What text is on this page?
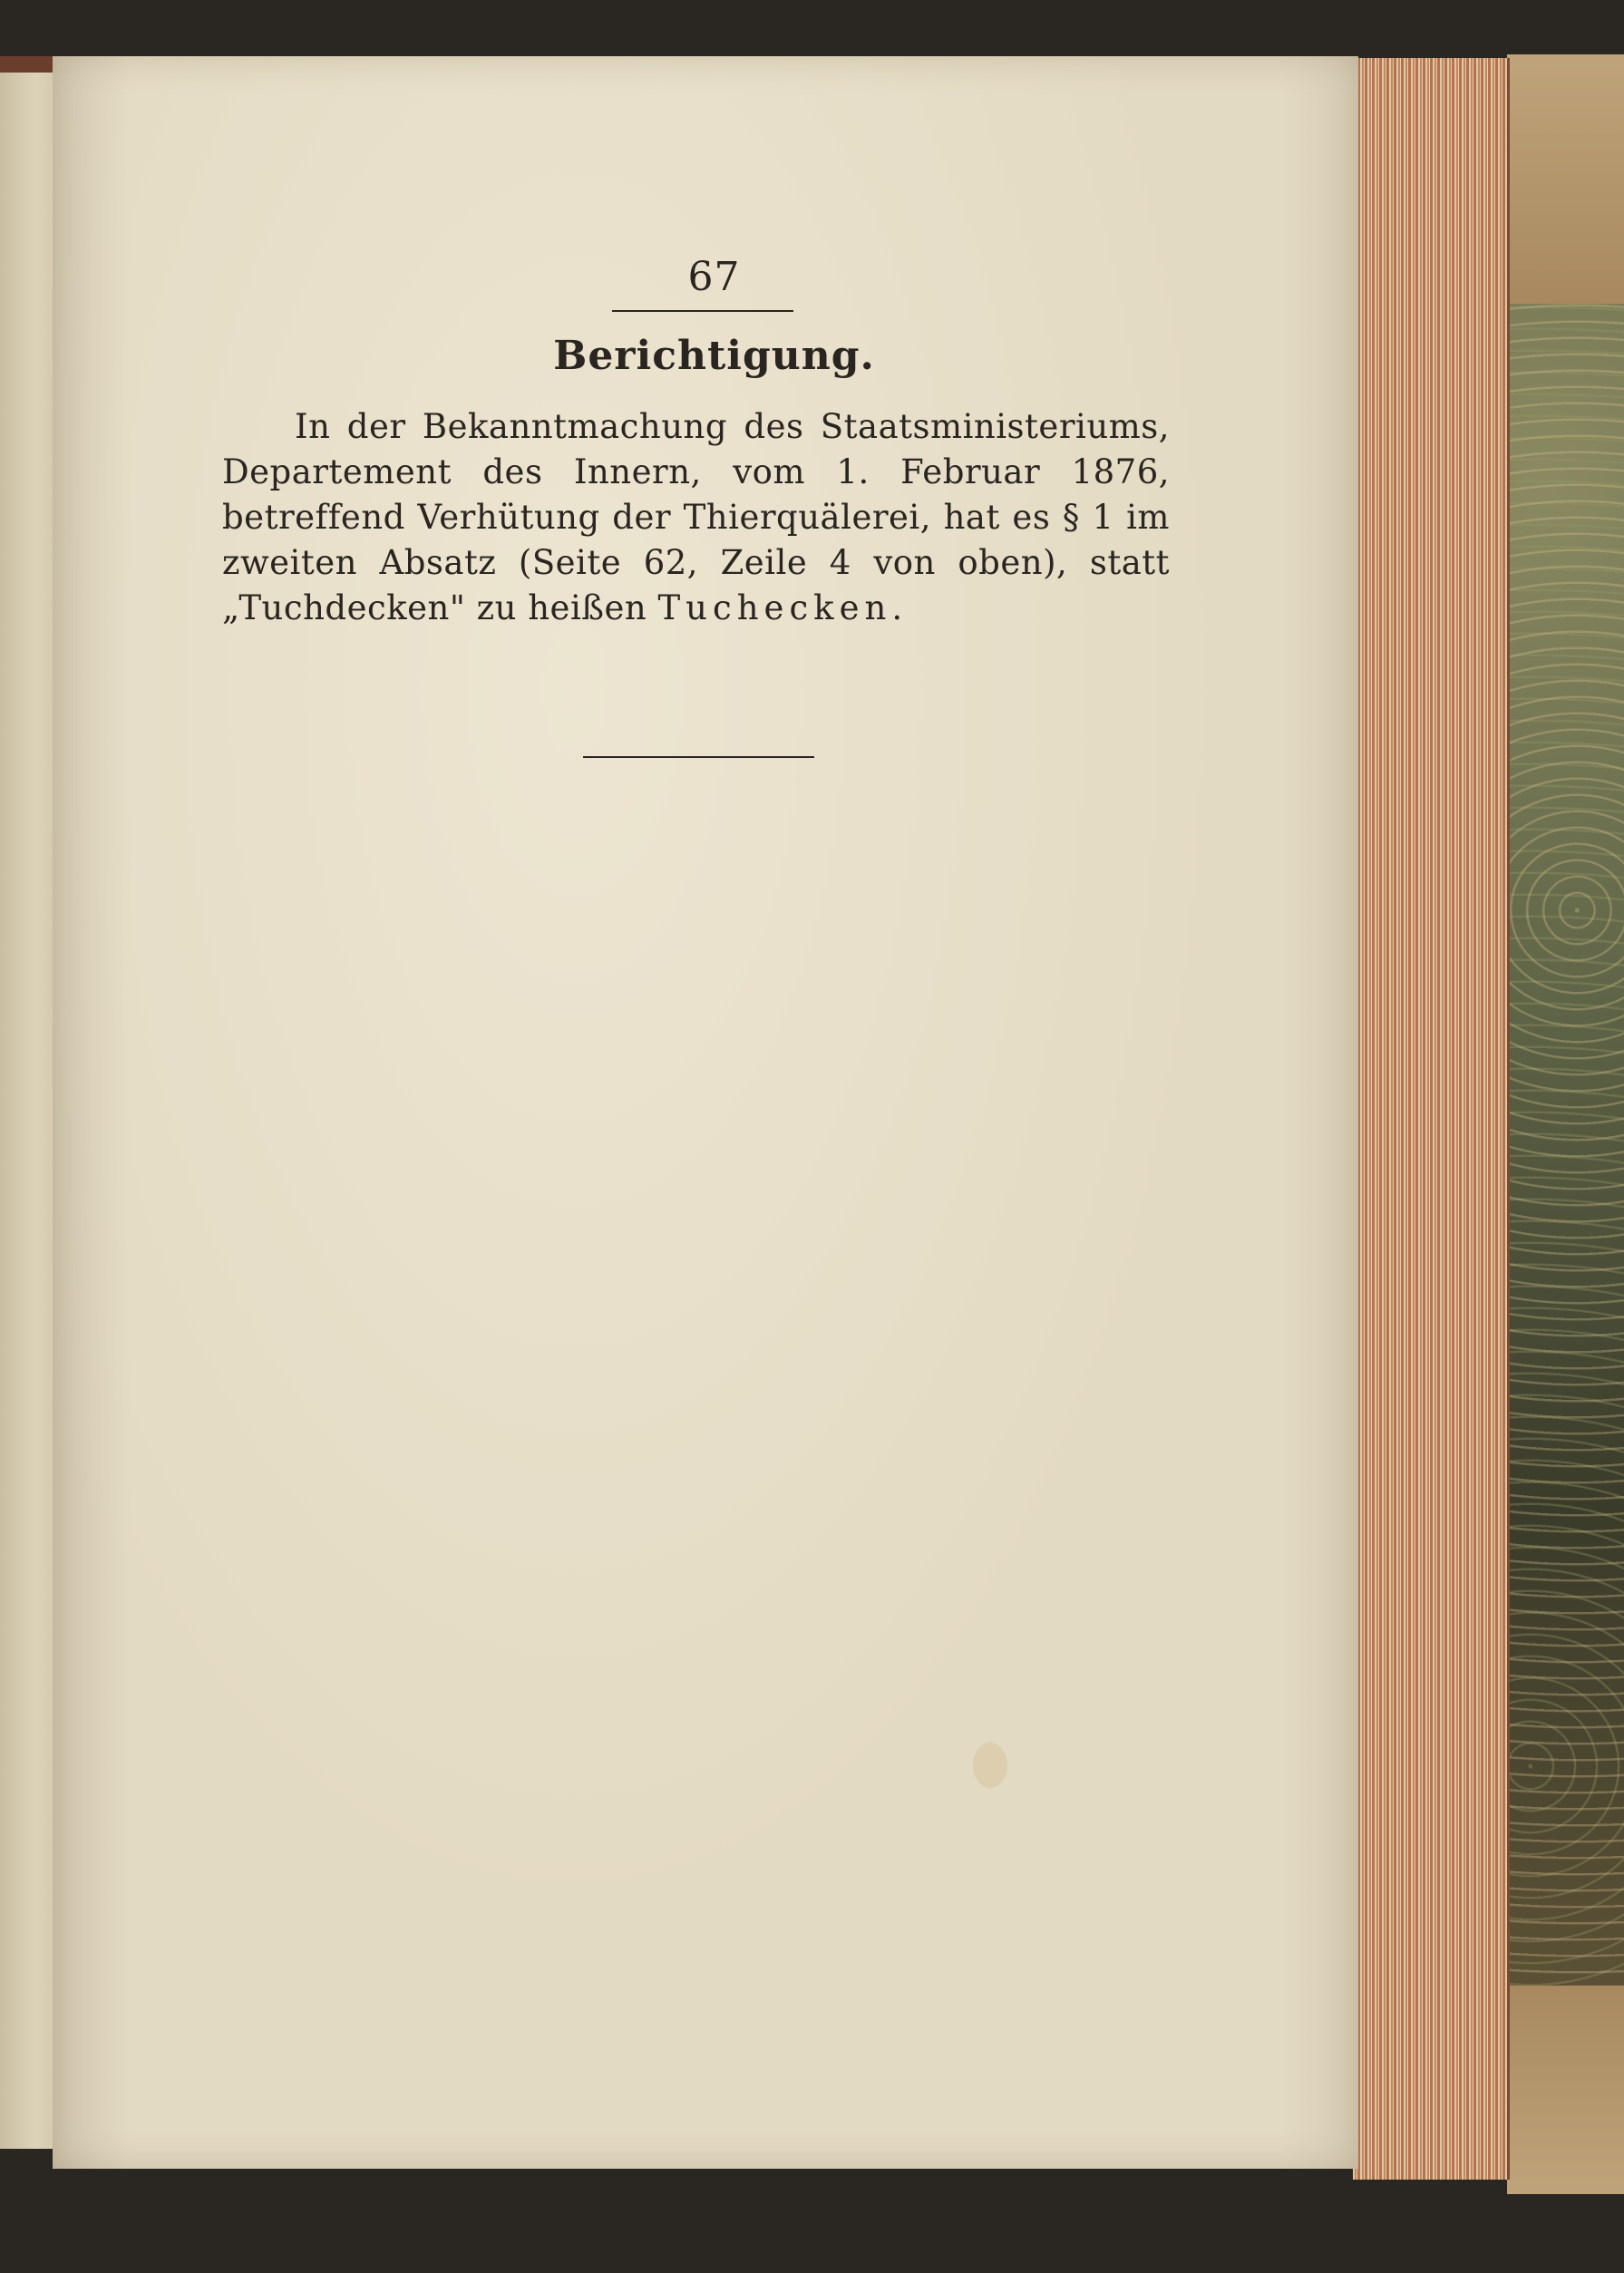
67
Berichtigung.
In der Bekanntmachung des Staatsministeriums, Departement des Innern, vom 1. Februar 1876, betreffend Verhütung der Thierquälerei, hat es § 1 im zweiten Absatz (Seite 62, Zeile 4 von oben), statt „Tuchdecken" zu heißen Tuchecken.
